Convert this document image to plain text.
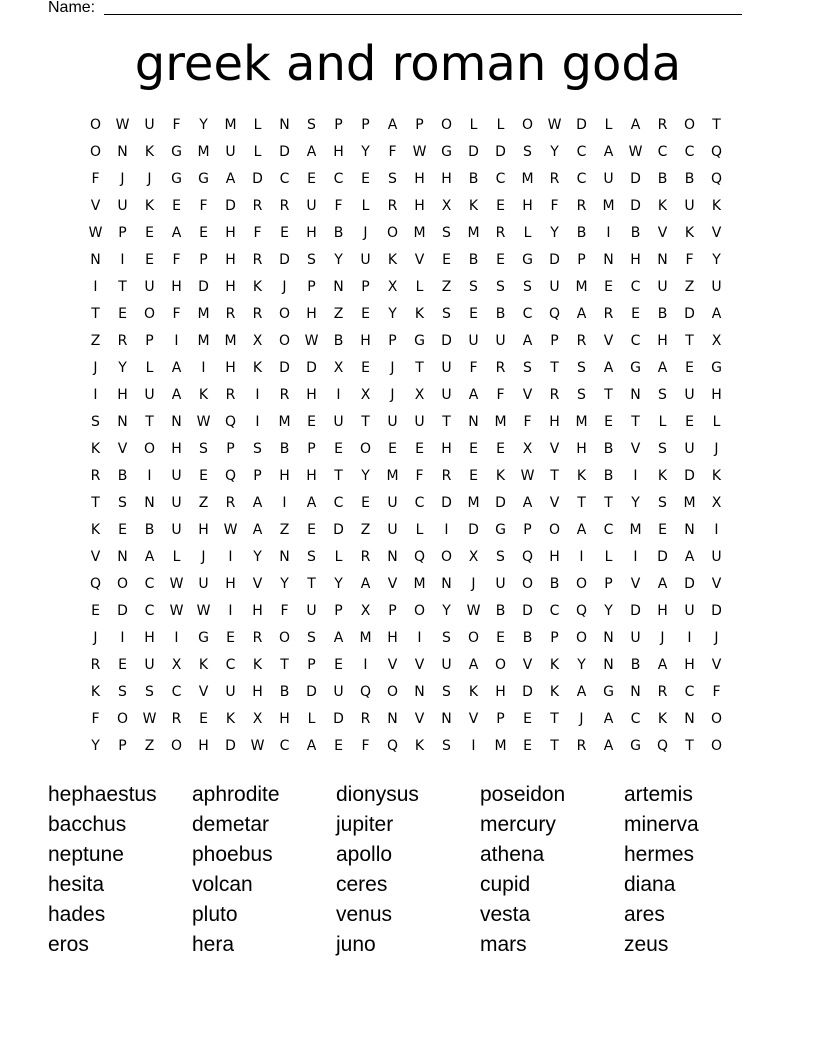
Name:
greek and roman goda
O	W	U	F	Y	M	L	N	S	P	P	A	P	O	L	L	O	W	D	L	A	R	O	T
O	N	K	G	M	U	L	D	A	H	Y	F	W	G	D	D	S	Y	C	A	W	C	C	Q
F	J	J	G	G	A	D	C	E	C	E	S	H	H	B	C	M	R	C	U	D	B	B	Q
V	U	K	E	F	D	R	R	U	F	L	R	H	X	K	E	H	F	R	M	D	K	U	K
W	P	E	A	E	H	F	E	H	B	J	O	M	S	M	R	L	Y	B	I	B	V	K	V
N	I	E	F	P	H	R	D	S	Y	U	K	V	E	B	E	G	D	P	N	H	N	F	Y
I	T	U	H	D	H	K	J	P	N	P	X	L	Z	S	S	S	U	M	E	C	U	Z	U
T	E	O	F	M	R	R	O	H	Z	E	Y	K	S	E	B	C	Q	A	R	E	B	D	A
Z	R	P	I	M	M	X	O	W	B	H	P	G	D	U	U	A	P	R	V	C	H	T	X
J	Y	L	A	I	H	K	D	D	X	E	J	T	U	F	R	S	T	S	A	G	A	E	G
I	H	U	A	K	R	I	R	H	I	X	J	X	U	A	F	V	R	S	T	N	S	U	H
S	N	T	N	W	Q	I	M	E	U	T	U	U	T	N	M	F	H	M	E	T	L	E	L
K	V	O	H	S	P	S	B	P	E	O	E	E	H	E	E	X	V	H	B	V	S	U	J
R	B	I	U	E	Q	P	H	H	T	Y	M	F	R	E	K	W	T	K	B	I	K	D	K
T	S	N	U	Z	R	A	I	A	C	E	U	C	D	M	D	A	V	T	T	Y	S	M	X
K	E	B	U	H	W	A	Z	E	D	Z	U	L	I	D	G	P	O	A	C	M	E	N	I
V	N	A	L	J	I	Y	N	S	L	R	N	Q	O	X	S	Q	H	I	L	I	D	A	U
Q	O	C	W	U	H	V	Y	T	Y	A	V	M	N	J	U	O	B	O	P	V	A	D	V
E	D	C	W W	I	H	F	U	P	X	P	O	Y	W	B	D	C	Q	Y	D	H	U	D
J	I	H	I	G	E	R	O	S	A	M	H	I	S	O	E	B	P	O	N	U	J	I	J
R	E	U	X	K	C	K	T	P	E	I	V	V	U	A	O	V	K	Y	N	B	A	H	V
K	S	S	C	V	U	H	B	D	U	Q	O	N	S	K	H	D	K	A	G	N	R	C	F
F	O	W	R	E	K	X	H	L	D	R	N	V	N	V	P	E	T	J	A	C	K	N	O
Y	P	Z	O	H	D	W	C	A	E	F	Q	K	S	I	M	E	T	R	A	G	Q	T	O
hephaestus	aphrodite	dionysus	poseidon	artemis
bacchus	demetar	jupiter	mercury	minerva
neptune	phoebus	apollo	athena	hermes
hesita	volcan	ceres	cupid	diana
hades	pluto	venus	vesta	ares
eros	hera	juno	mars	zeus
